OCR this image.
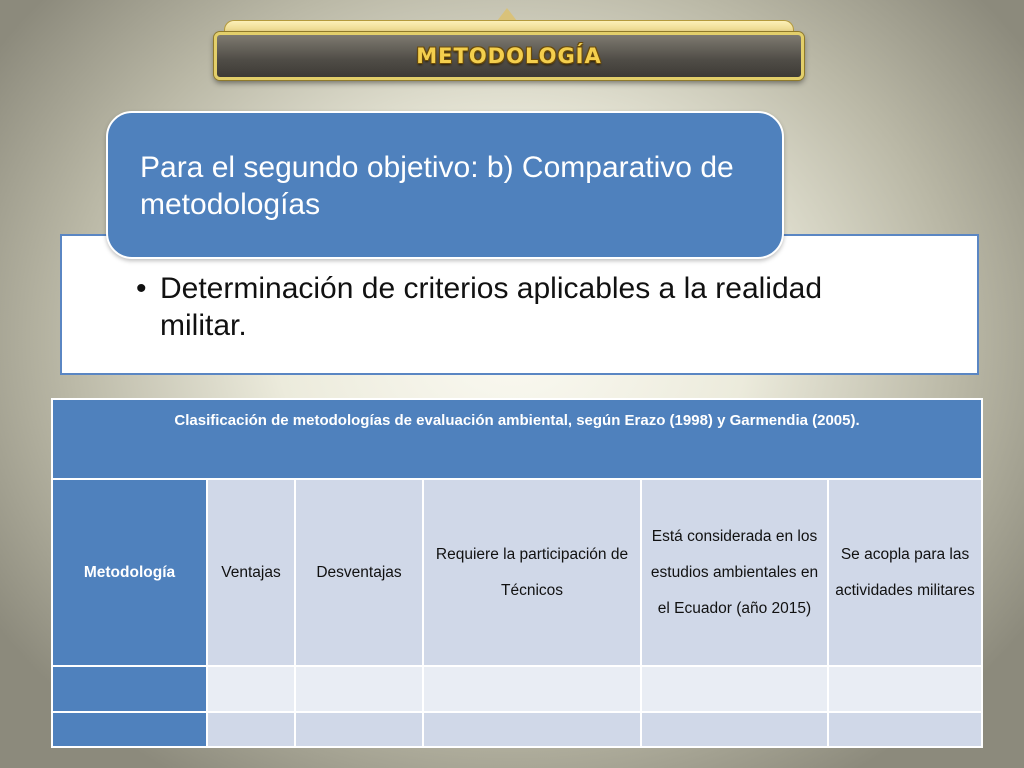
METODOLOGÍA
• Determinación de criterios aplicables a la realidad militar.
Para el segundo objetivo: b) Comparativo de metodologías
Clasificación de metodologías de evaluación ambiental, según Erazo (1998) y Garmendia (2005).					
Metodología	Ventajas	Desventajas	Requiere la participación de Técnicos	Está considerada en los estudios ambientales en el Ecuador (año 2015)	Se acopla para las actividades militares
